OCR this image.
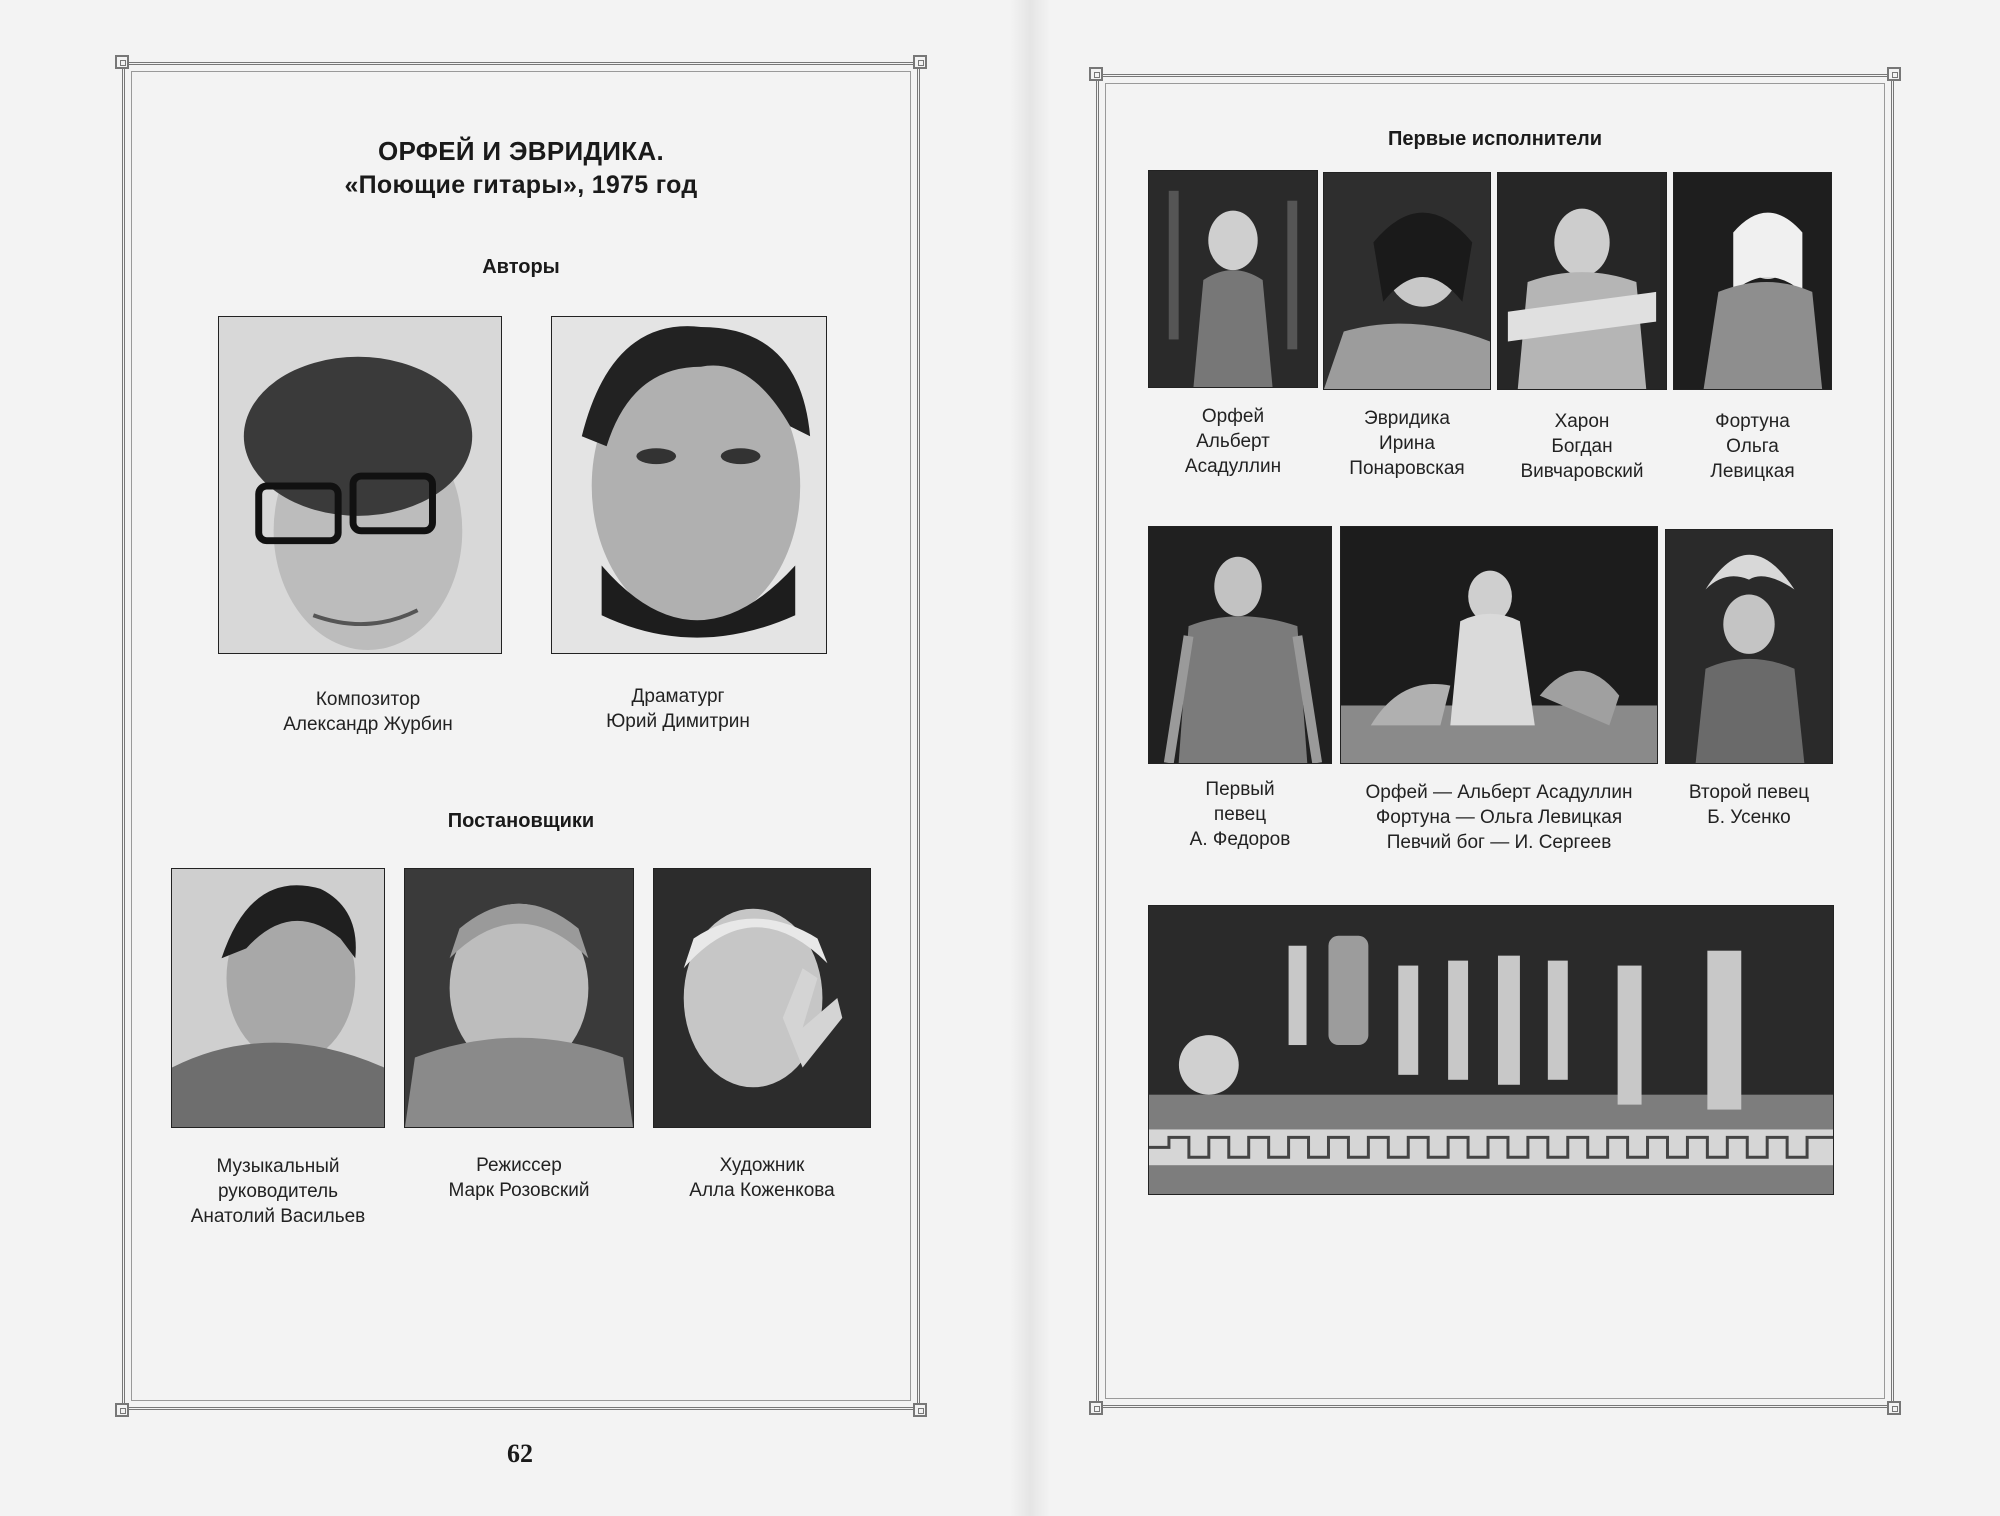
ОРФЕЙ И ЭВРИДИКА.
«Поющие гитары», 1975 год
Авторы
Композитор
Александр Журбин
Драматург
Юрий Димитрин
Постановщики
Музыкальный
руководитель
Анатолий Васильев
Режиссер
Марк Розовский
Художник
Алла Коженкова
62
Первые исполнители
Орфей
Альберт
Асадуллин
Эвридика
Ирина
Понаровская
Харон
Богдан
Вивчаровский
Фортуна
Ольга
Левицкая
Первый
певец
А. Федоров
Орфей — Альберт Асадуллин
Фортуна — Ольга Левицкая
Певчий бог — И. Сергеев
Второй певец
Б. Усенко
